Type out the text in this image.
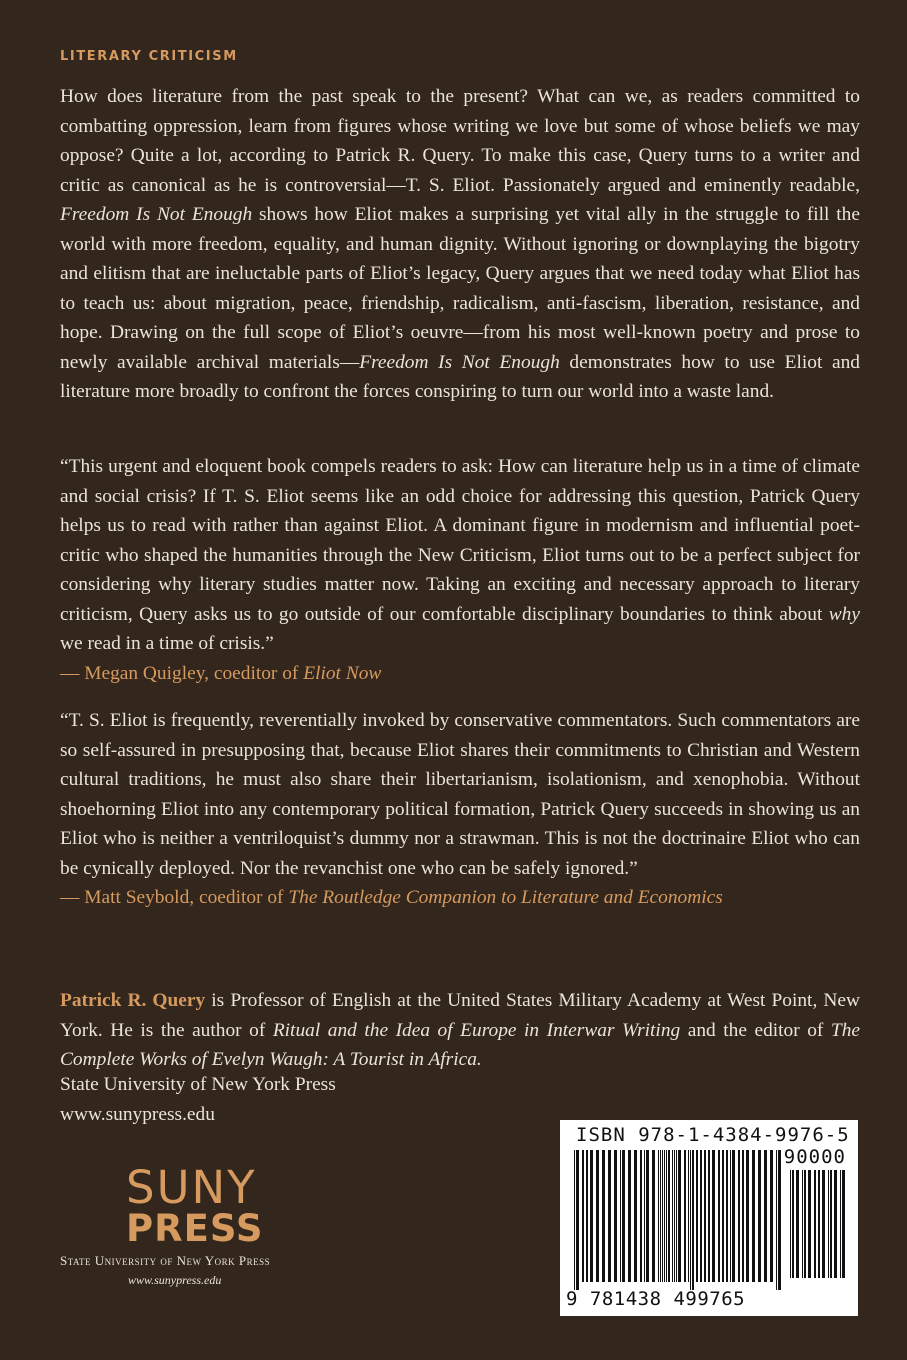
LITERARY CRITICISM

How does literature from the past speak to the present? What can we, as readers committed to combatting oppression, learn from figures whose writing we love but some of whose beliefs we may oppose? Quite a lot, according to Patrick R. Query. To make this case, Query turns to a writer and critic as canonical as he is controversial—T. S. Eliot. Passionately argued and eminently readable, Freedom Is Not Enough shows how Eliot makes a surprising yet vital ally in the struggle to fill the world with more freedom, equality, and human dignity. Without ignoring or downplaying the bigotry and elitism that are ineluctable parts of Eliot’s legacy, Query argues that we need today what Eliot has to teach us: about migration, peace, friendship, radicalism, anti-fascism, liberation, resistance, and hope. Drawing on the full scope of Eliot’s oeuvre—from his most well-known poetry and prose to newly available archival materials—Freedom Is Not Enough demonstrates how to use Eliot and literature more broadly to confront the forces conspiring to turn our world into a waste land.

“This urgent and eloquent book compels readers to ask: How can literature help us in a time of climate and social crisis? If T. S. Eliot seems like an odd choice for addressing this question, Patrick Query helps us to read with rather than against Eliot. A dominant figure in modernism and influential poet-critic who shaped the humanities through the New Criticism, Eliot turns out to be a perfect subject for considering why literary studies matter now. Taking an exciting and necessary approach to literary criticism, Query asks us to go outside of our comfortable disciplinary boundaries to think about why we read in a time of crisis.”
— Megan Quigley, coeditor of Eliot Now

“T. S. Eliot is frequently, reverentially invoked by conservative commentators. Such commentators are so self-assured in presupposing that, because Eliot shares their commitments to Christian and Western cultural traditions, he must also share their libertarianism, isolationism, and xenophobia. Without shoehorning Eliot into any contemporary political formation, Patrick Query succeeds in showing us an Eliot who is neither a ventriloquist’s dummy nor a strawman. This is not the doctrinaire Eliot who can be cynically deployed. Nor the revanchist one who can be safely ignored.”
— Matt Seybold, coeditor of The Routledge Companion to Literature and Economics

Patrick R. Query is Professor of English at the United States Military Academy at West Point, New York. He is the author of Ritual and the Idea of Europe in Interwar Writing and the editor of The Complete Works of Evelyn Waugh: A Tourist in Africa.

State University of New York Press
www.sunypress.edu
SUNY
PRESS
State University of New York Press
www.sunypress.edu
ISBN 978-1-4384-9976-5
90000
9 781438 499765
